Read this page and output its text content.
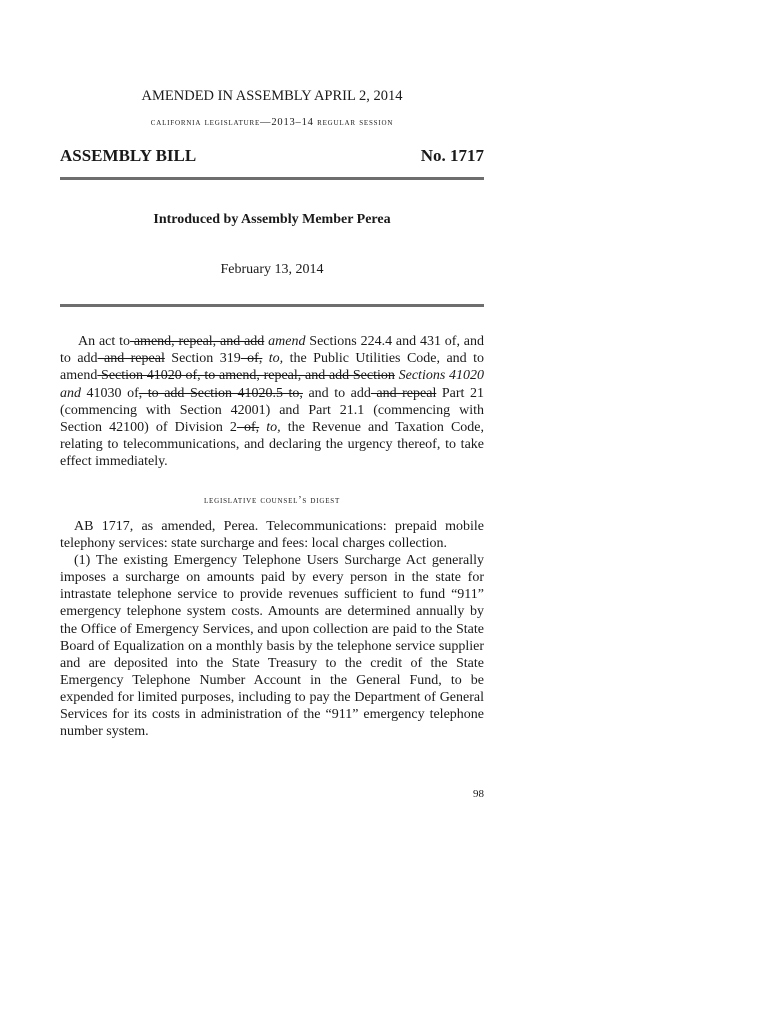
AMENDED IN ASSEMBLY APRIL 2, 2014
california legislature—2013–14 regular session
ASSEMBLY BILL	No. 1717
Introduced by Assembly Member Perea
February 13, 2014
An act to amend, repeal, and add amend Sections 224.4 and 431 of, and to add and repeal Section 319 of, to, the Public Utilities Code, and to amend Section 41020 of, to amend, repeal, and add Section Sections 41020 and 41030 of, to add Section 41020.5 to, and to add and repeal Part 21 (commencing with Section 42001) and Part 21.1 (commencing with Section 42100) of Division 2 of, to, the Revenue and Taxation Code, relating to telecommunications, and declaring the urgency thereof, to take effect immediately.
legislative counsel’s digest

AB 1717, as amended, Perea. Telecommunications: prepaid mobile telephony services: state surcharge and fees: local charges collection.

(1) The existing Emergency Telephone Users Surcharge Act generally imposes a surcharge on amounts paid by every person in the state for intrastate telephone service to provide revenues sufficient to fund “911” emergency telephone system costs. Amounts are determined annually by the Office of Emergency Services, and upon collection are paid to the State Board of Equalization on a monthly basis by the telephone service supplier and are deposited into the State Treasury to the credit of the State Emergency Telephone Number Account in the General Fund, to be expended for limited purposes, including to pay the Department of General Services for its costs in administration of the “911” emergency telephone number system.

98
